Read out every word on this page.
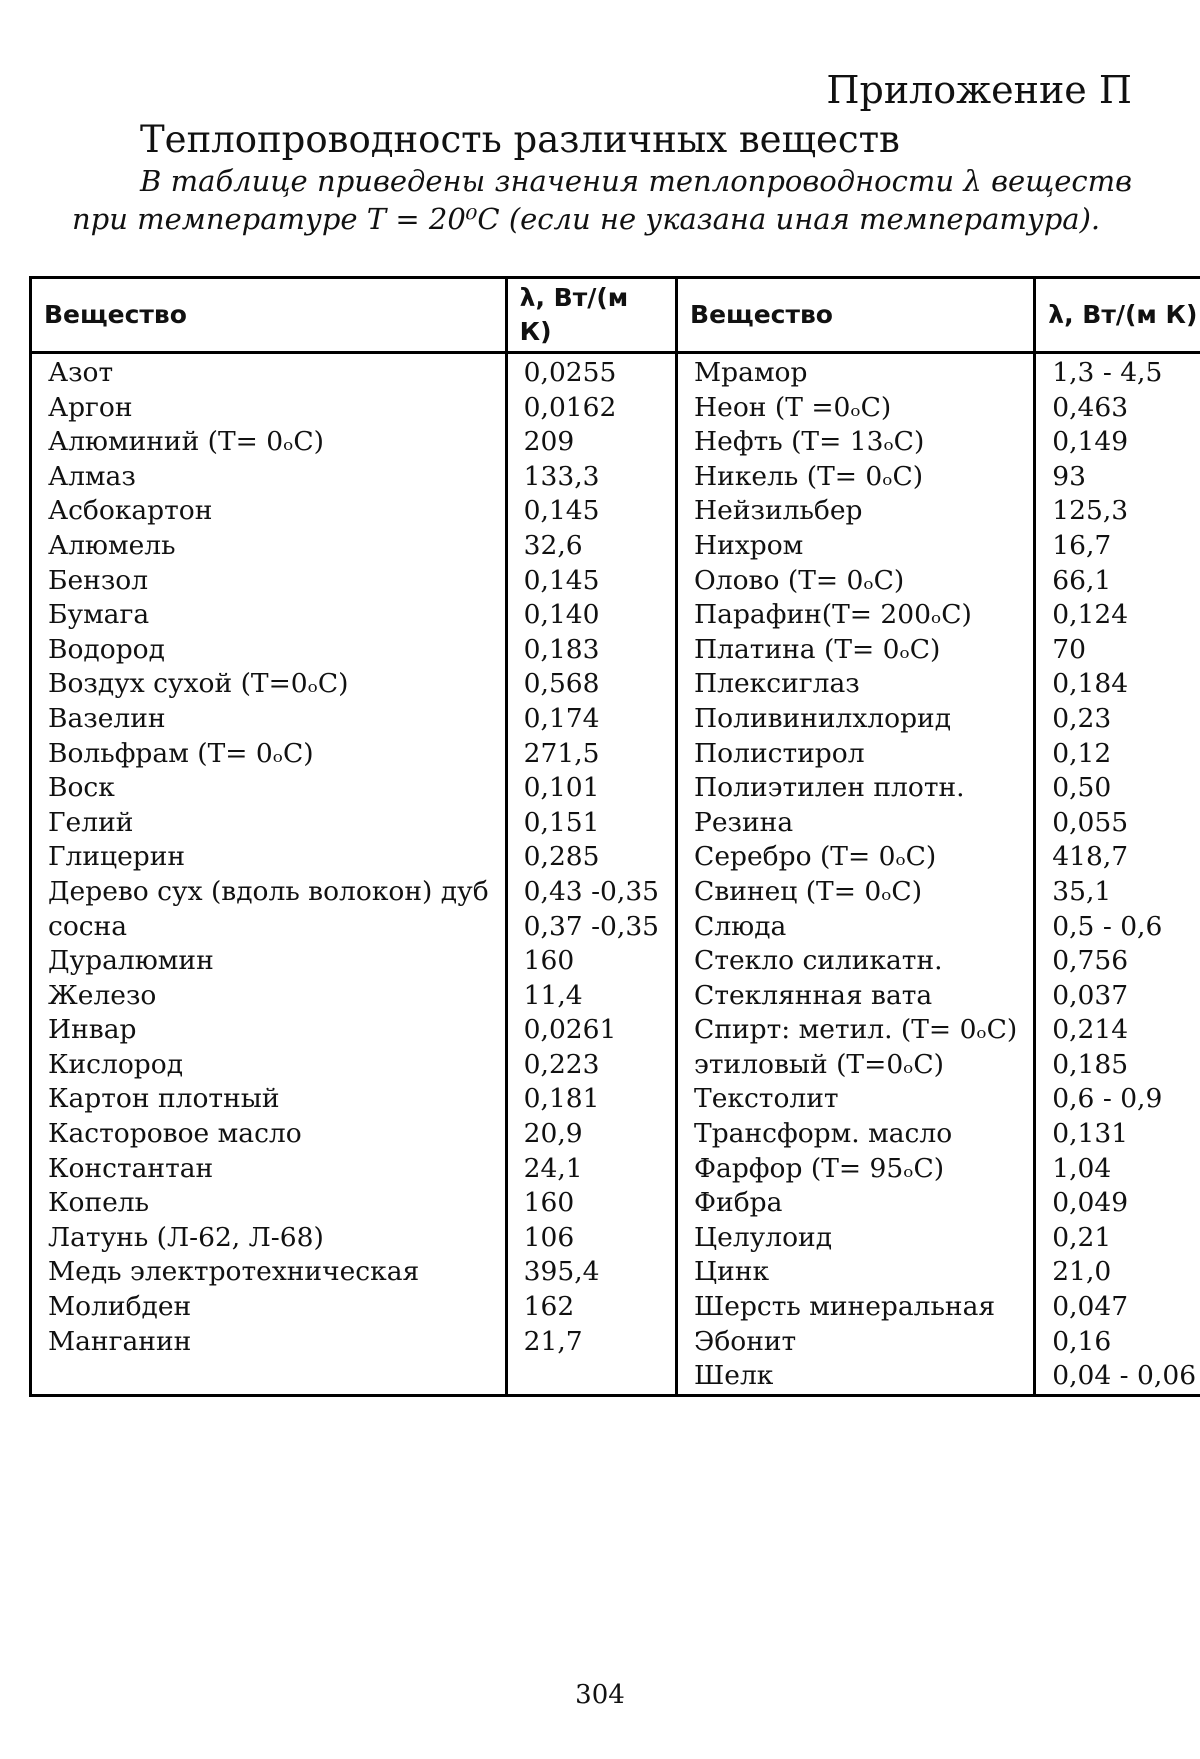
Приложение П
Теплопроводность различных веществ

В таблице приведены значения теплопроводности λ веществ при температуре T = 20⁰С (если не указана иная температура).

Вещество	λ, Вт/(м К)	Вещество	λ, Вт/(м К)
Азот	0,0255	Мрамор	1,3 - 4,5
Аргон	0,0162	Неон (T =0ₒС)	0,463
Алюминий (T= 0ₒС)	209	Нефть (T= 13ₒС)	0,149
Алмаз	133,3	Никель (T= 0ₒС)	93
Асбокартон	0,145	Нейзильбер	125,3
Алюмель	32,6	Нихром	16,7
Бензол	0,145	Олово (T= 0ₒС)	66,1
Бумага	0,140	Парафин(T= 200ₒС)	0,124
Водород	0,183	Платина (T= 0ₒС)	70
Воздух сухой (T=0ₒС)	0,568	Плексиглаз	0,184
Вазелин	0,174	Поливинилхлорид	0,23
Вольфрам (T= 0ₒС)	271,5	Полистирол	0,12
Воск	0,101	Полиэтилен плотн.	0,50
Гелий	0,151	Резина	0,055
Глицерин	0,285	Серебро (T= 0ₒС)	418,7
Дерево сух (вдоль волокон) дуб	0,43 -0,35	Свинец (T= 0ₒС)	35,1
сосна	0,37 -0,35	Слюда	0,5 - 0,6
Дуралюмин	160	Стекло силикатн.	0,756
Железо	11,4	Стеклянная вата	0,037
Инвар	0,0261	Спирт: метил. (T= 0ₒС)	0,214
Кислород	0,223	этиловый (T=0ₒС)	0,185
Картон плотный	0,181	Текстолит	0,6 - 0,9
Касторовое масло	20,9	Трансформ. масло	0,131
Константан	24,1	Фарфор (T= 95ₒС)	1,04
Копель	160	Фибра	0,049
Латунь (Л-62, Л-68)	106	Целулоид	0,21
Медь электротехническая	395,4	Цинк	21,0
Молибден	162	Шерсть минеральная	0,047
Манганин	21,7	Эбонит	0,16
		Шелк	0,04 - 0,06
304
